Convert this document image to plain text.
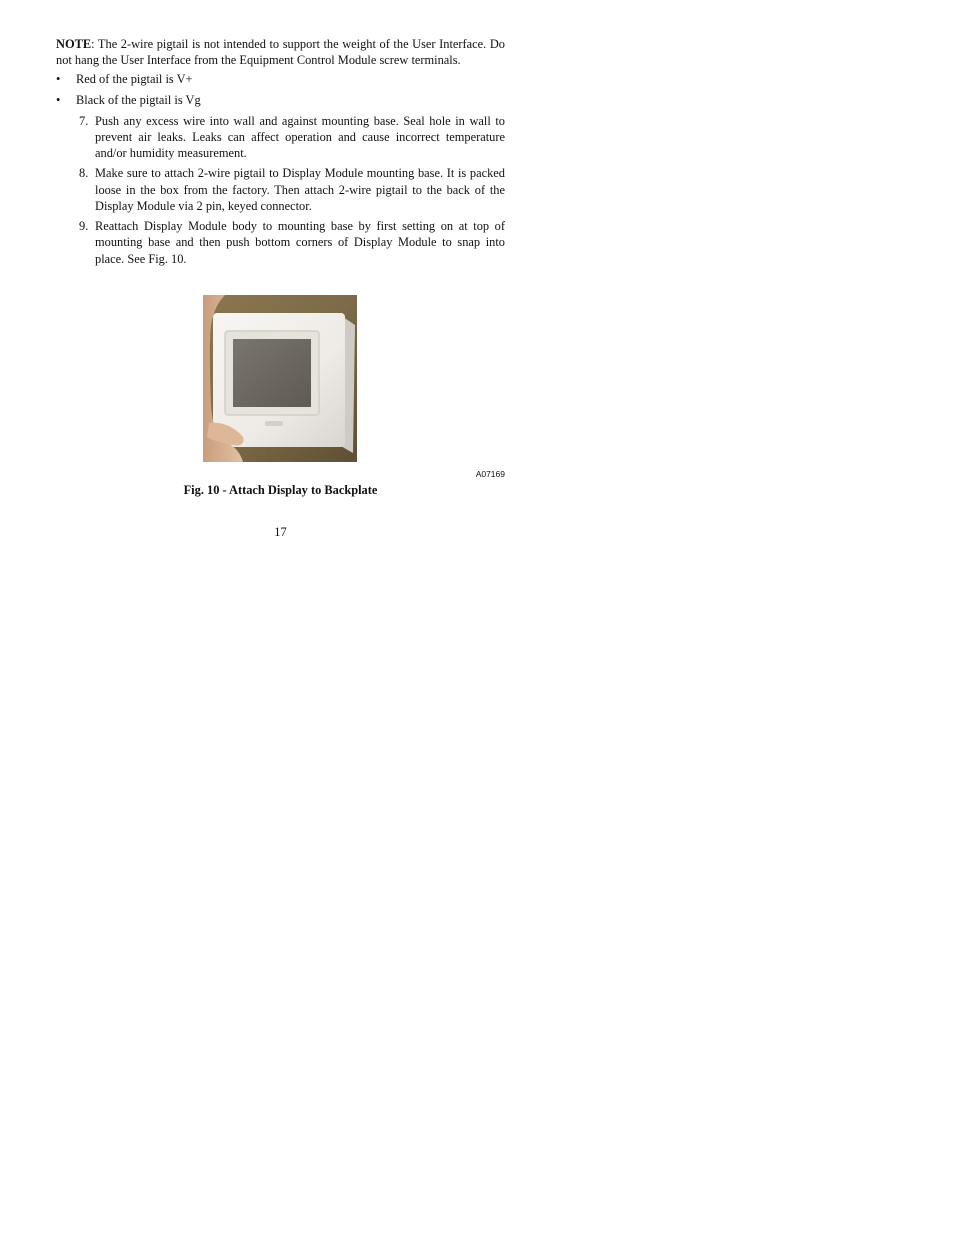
NOTE: The 2-wire pigtail is not intended to support the weight of the User Interface. Do not hang the User Interface from the Equipment Control Module screw terminals.

• Red of the pigtail is V+
• Black of the pigtail is Vg
7. Push any excess wire into wall and against mounting base. Seal hole in wall to prevent air leaks. Leaks can affect operation and cause incorrect temperature and/or humidity measurement.
8. Make sure to attach 2-wire pigtail to Display Module mounting base. It is packed loose in the box from the factory. Then attach 2-wire pigtail to the back of the Display Module via 2 pin, keyed connector.
9. Reattach Display Module body to mounting base by first setting on at top of mounting base and then push bottom corners of Display Module to snap into place. See Fig. 10.
A07169
Fig. 10 - Attach Display to Backplate
17
